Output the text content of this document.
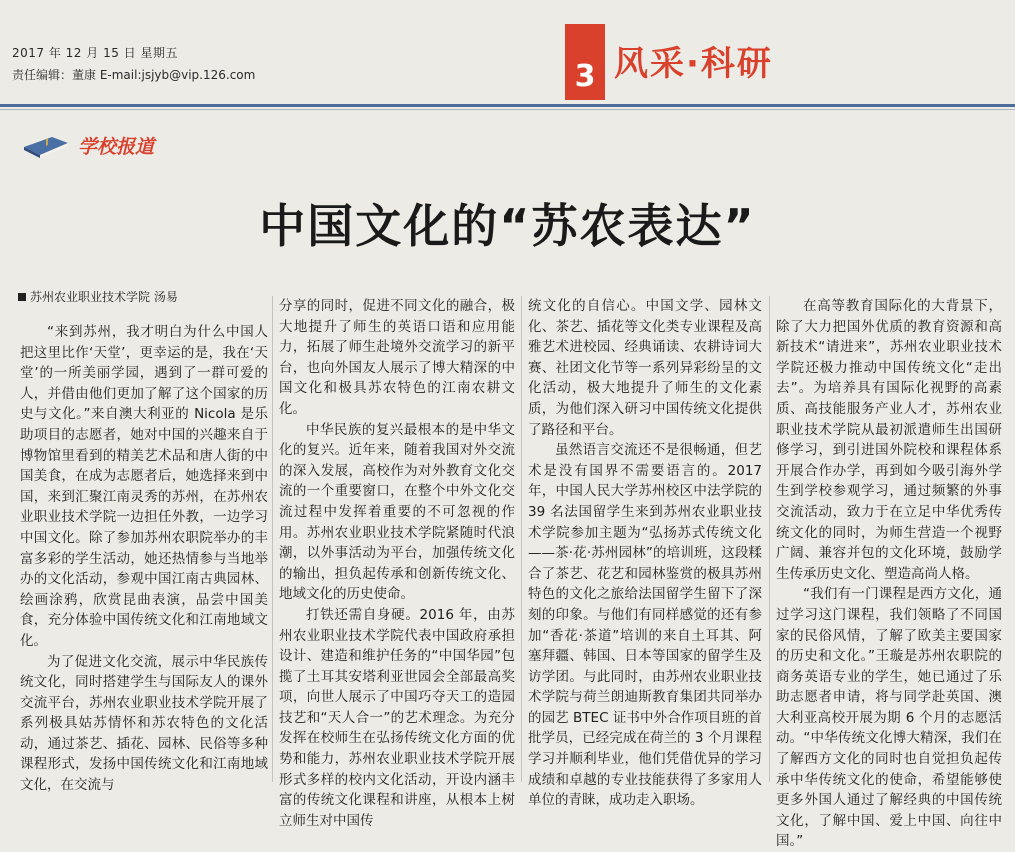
2017 年 12 月 15 日 星期五
责任编辑：董康 E-mail:jsjyb@vip.126.com	3 风采·科研
学校报道
中国文化的“苏农表达”
苏州农业职业技术学院 汤易

“来到苏州，我才明白为什么中国人把这里比作‘天堂’，更幸运的是，我在‘天堂’的一所美丽学园，遇到了一群可爱的人，并借由他们更加了解了这个国家的历史与文化。”来自澳大利亚的 Nicola 是乐助项目的志愿者，她对中国的兴趣来自于博物馆里看到的精美艺术品和唐人街的中国美食，在成为志愿者后，她选择来到中国，来到汇聚江南灵秀的苏州，在苏州农业职业技术学院一边担任外教，一边学习中国文化。除了参加苏州农职院举办的丰富多彩的学生活动，她还热情参与当地举办的文化活动，参观中国江南古典园林、绘画涂鸦，欣赏昆曲表演，品尝中国美食，充分体验中国传统文化和江南地域文化。

为了促进文化交流，展示中华民族传统文化，同时搭建学生与国际友人的课外交流平台，苏州农业职业技术学院开展了系列极具姑苏情怀和苏农特色的文化活动，通过茶艺、插花、园林、民俗等多种课程形式，发扬中国传统文化和江南地域文化，在交流与

分享的同时，促进不同文化的融合，极大地提升了师生的英语口语和应用能力，拓展了师生赴境外交流学习的新平台，也向外国友人展示了博大精深的中国文化和极具苏农特色的江南农耕文化。

中华民族的复兴最根本的是中华文化的复兴。近年来，随着我国对外交流的深入发展，高校作为对外教育文化交流的一个重要窗口，在整个中外文化交流过程中发挥着重要的不可忽视的作用。苏州农业职业技术学院紧随时代浪潮，以外事活动为平台，加强传统文化的输出，担负起传承和创新传统文化、地域文化的历史使命。

打铁还需自身硬。2016 年，由苏州农业职业技术学院代表中国政府承担设计、建造和维护任务的“中国华园”包揽了土耳其安塔利亚世园会全部最高奖项，向世人展示了中国巧夺天工的造园技艺和“天人合一”的艺术理念。为充分发挥在校师生在弘扬传统文化方面的优势和能力，苏州农业职业技术学院开展形式多样的校内文化活动，开设内涵丰富的传统文化课程和讲座，从根本上树立师生对中国传

统文化的自信心。中国文学、园林文化、茶艺、插花等文化类专业课程及高雅艺术进校园、经典诵读、农耕诗词大赛、社团文化节等一系列异彩纷呈的文化活动，极大地提升了师生的文化素质，为他们深入研习中国传统文化提供了路径和平台。

虽然语言交流还不是很畅通，但艺术是没有国界不需要语言的。2017年，中国人民大学苏州校区中法学院的 39 名法国留学生来到苏州农业职业技术学院参加主题为“弘扬苏式传统文化——茶·花·苏州园林”的培训班，这段糅合了茶艺、花艺和园林鉴赏的极具苏州特色的文化之旅给法国留学生留下了深刻的印象。与他们有同样感觉的还有参加“香花·茶道”培训的来自土耳其、阿塞拜疆、韩国、日本等国家的留学生及访学团。与此同时，由苏州农业职业技术学院与荷兰朗迪斯教育集团共同举办的园艺 BTEC 证书中外合作项目班的首批学员，已经完成在荷兰的 3 个月课程学习并顺利毕业，他们凭借优异的学习成绩和卓越的专业技能获得了多家用人单位的青睐，成功走入职场。

在高等教育国际化的大背景下，除了大力把国外优质的教育资源和高新技术“请进来”，苏州农业职业技术学院还极力推动中国传统文化“走出去”。为培养具有国际化视野的高素质、高技能服务产业人才，苏州农业职业技术学院从最初派遣师生出国研修学习，到引进国外院校和课程体系开展合作办学，再到如今吸引海外学生到学校参观学习，通过频繁的外事交流活动，致力于在立足中华优秀传统文化的同时，为师生营造一个视野广阔、兼容并包的文化环境，鼓励学生传承历史文化、塑造高尚人格。

“我们有一门课程是西方文化，通过学习这门课程，我们领略了不同国家的民俗风情，了解了欧美主要国家的历史和文化。”王璇是苏州农职院的商务英语专业的学生，她已通过了乐助志愿者申请，将与同学赴英国、澳大利亚高校开展为期 6 个月的志愿活动。“中华传统文化博大精深，我们在了解西方文化的同时也自觉担负起传承中华传统文化的使命，希望能够使更多外国人通过了解经典的中国传统文化，了解中国、爱上中国、向往中国。”
